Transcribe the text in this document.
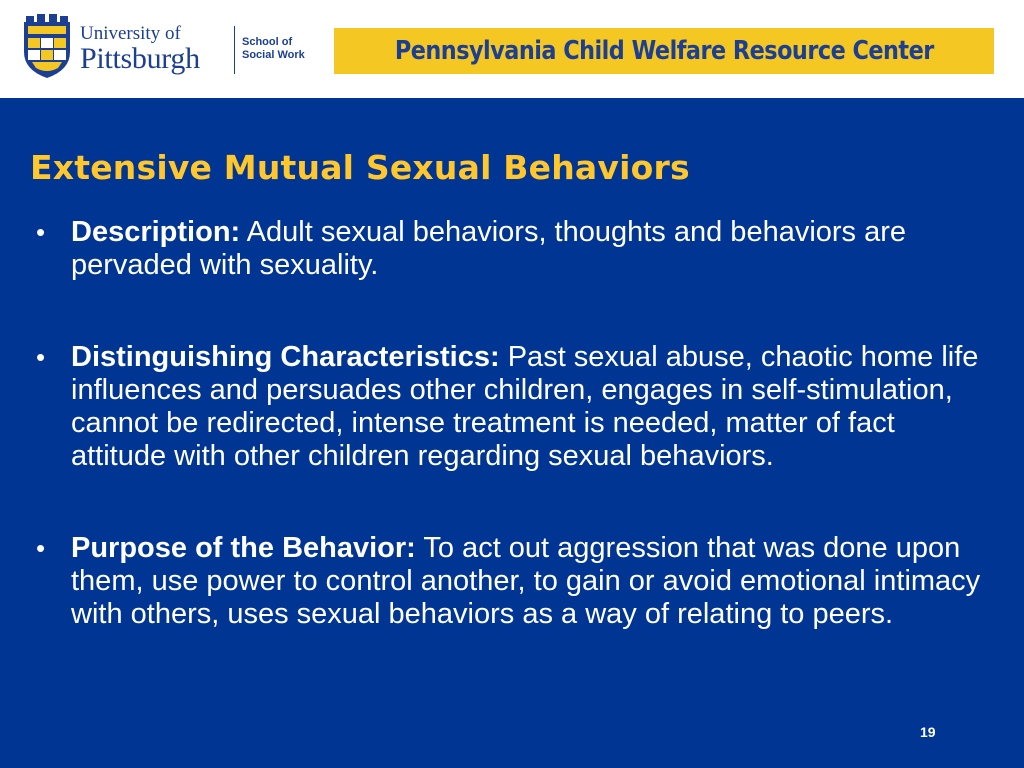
University of
Pittsburgh	School of
Social Work	Pennsylvania Child Welfare Resource Center
Extensive Mutual Sexual Behaviors
• Description: Adult sexual behaviors, thoughts and behaviors are pervaded with sexuality.
• Distinguishing Characteristics: Past sexual abuse, chaotic home life influences and persuades other children, engages in self-stimulation, cannot be redirected, intense treatment is needed, matter of fact attitude with other children regarding sexual behaviors.
• Purpose of the Behavior: To act out aggression that was done upon them, use power to control another, to gain or avoid emotional intimacy with others, uses sexual behaviors as a way of relating to peers.
19
